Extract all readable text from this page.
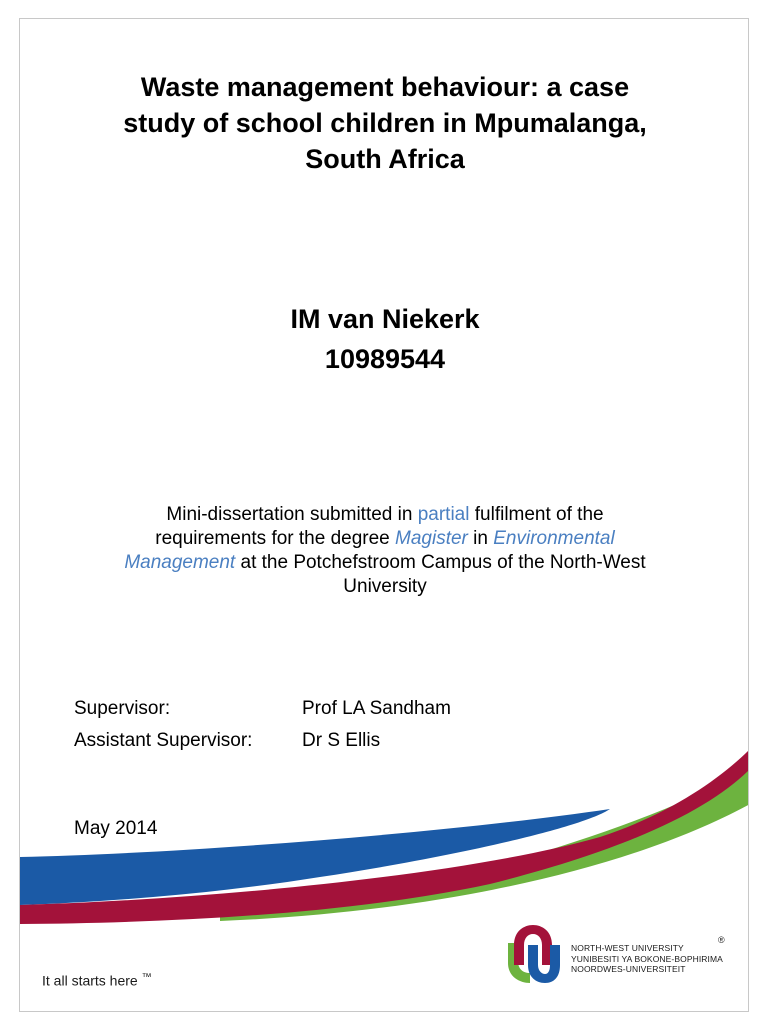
Waste management behaviour: a case
study of school children in Mpumalanga,
South Africa
IM van Niekerk
10989544
Mini-dissertation submitted in partial fulfilment of the
requirements for the degree Magister in Environmental
Management at the Potchefstroom Campus of the North-West
University
Supervisor:	Prof LA Sandham
Assistant Supervisor:	Dr S Ellis
May 2014
It all starts here ™
NORTH-WEST UNIVERSITY
YUNIBESITI YA BOKONE-BOPHIRIMA
NOORDWES-UNIVERSITEIT
®
